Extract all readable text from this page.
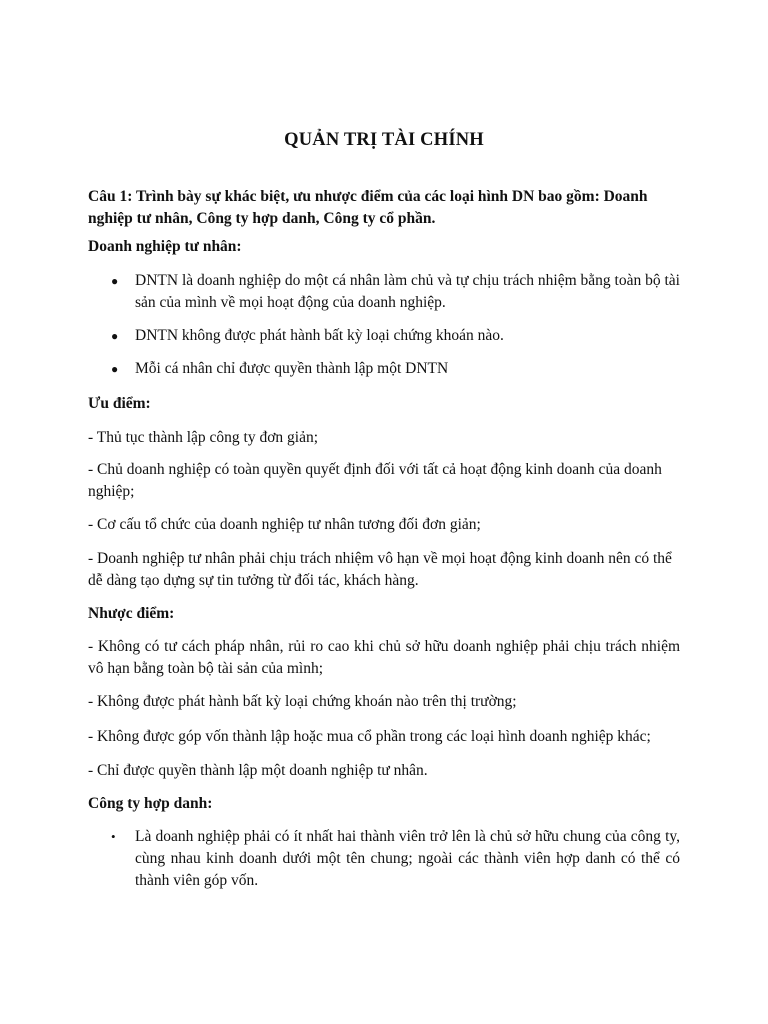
QUẢN TRỊ TÀI CHÍNH
Câu 1: Trình bày sự khác biệt, ưu nhược điểm của các loại hình DN bao gồm: Doanh nghiệp tư nhân, Công ty hợp danh, Công ty cổ phần.
Doanh nghiệp tư nhân:
●	DNTN là doanh nghiệp do một cá nhân làm chủ và tự chịu trách nhiệm bằng toàn bộ tài sản của mình về mọi hoạt động của doanh nghiệp.
●	DNTN không được phát hành bất kỳ loại chứng khoán nào.
●	Mỗi cá nhân chỉ được quyền thành lập một DNTN
Ưu điểm:
- Thủ tục thành lập công ty đơn giản;
- Chủ doanh nghiệp có toàn quyền quyết định đối với tất cả hoạt động kinh doanh của doanh nghiệp;
- Cơ cấu tổ chức của doanh nghiệp tư nhân tương đối đơn giản;
- Doanh nghiệp tư nhân phải chịu trách nhiệm vô hạn về mọi hoạt động kinh doanh nên có thể dễ dàng tạo dựng sự tin tưởng từ đối tác, khách hàng.
Nhược điểm:
- Không có tư cách pháp nhân, rủi ro cao khi chủ sở hữu doanh nghiệp phải chịu trách nhiệm vô hạn bằng toàn bộ tài sản của mình;
- Không được phát hành bất kỳ loại chứng khoán nào trên thị trường;
- Không được góp vốn thành lập hoặc mua cổ phần trong các loại hình doanh nghiệp khác;
- Chỉ được quyền thành lập một doanh nghiệp tư nhân.
Công ty hợp danh:
•	Là doanh nghiệp phải có ít nhất hai thành viên trở lên là chủ sở hữu chung của công ty, cùng nhau kinh doanh dưới một tên chung; ngoài các thành viên hợp danh có thể có thành viên góp vốn.
